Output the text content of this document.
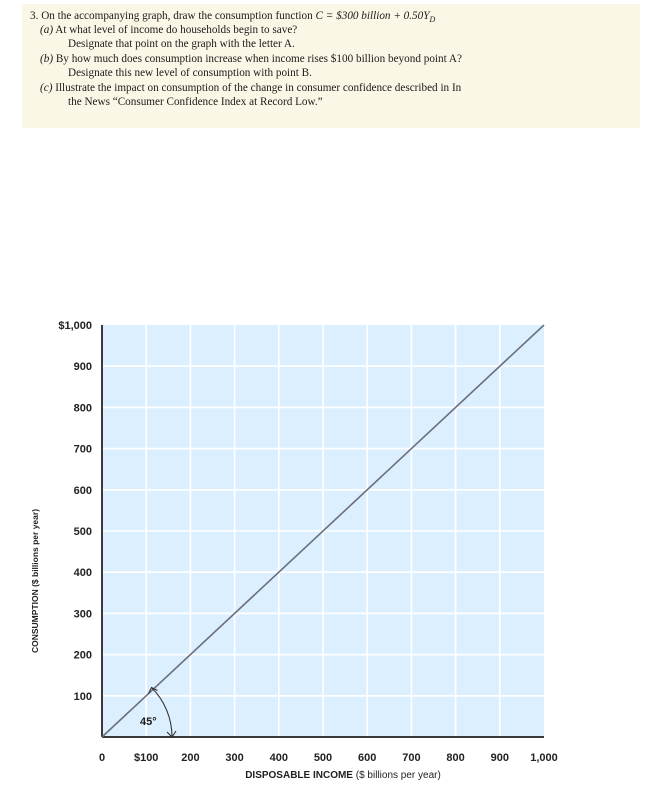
3. On the accompanying graph, draw the consumption function C = $300 billion + $0.50Y_D$
(a) At what level of income do households begin to save?
Designate that point on the graph with the letter A.
(b) By how much does consumption increase when income rises $100 billion beyond point A?
Designate this new level of consumption with point B.
(c) Illustrate the impact on consumption of the change in consumer confidence described in In
the News “Consumer Confidence Index at Record Low.”
45°
0	$100 200 300 400 500 600 700 800 900 1,000
100
200
300
400
500
600
700
800
900
$1,000
DISPOSABLE INCOME ($ billions per year)
CONSUMPTION ($ billions per year)
